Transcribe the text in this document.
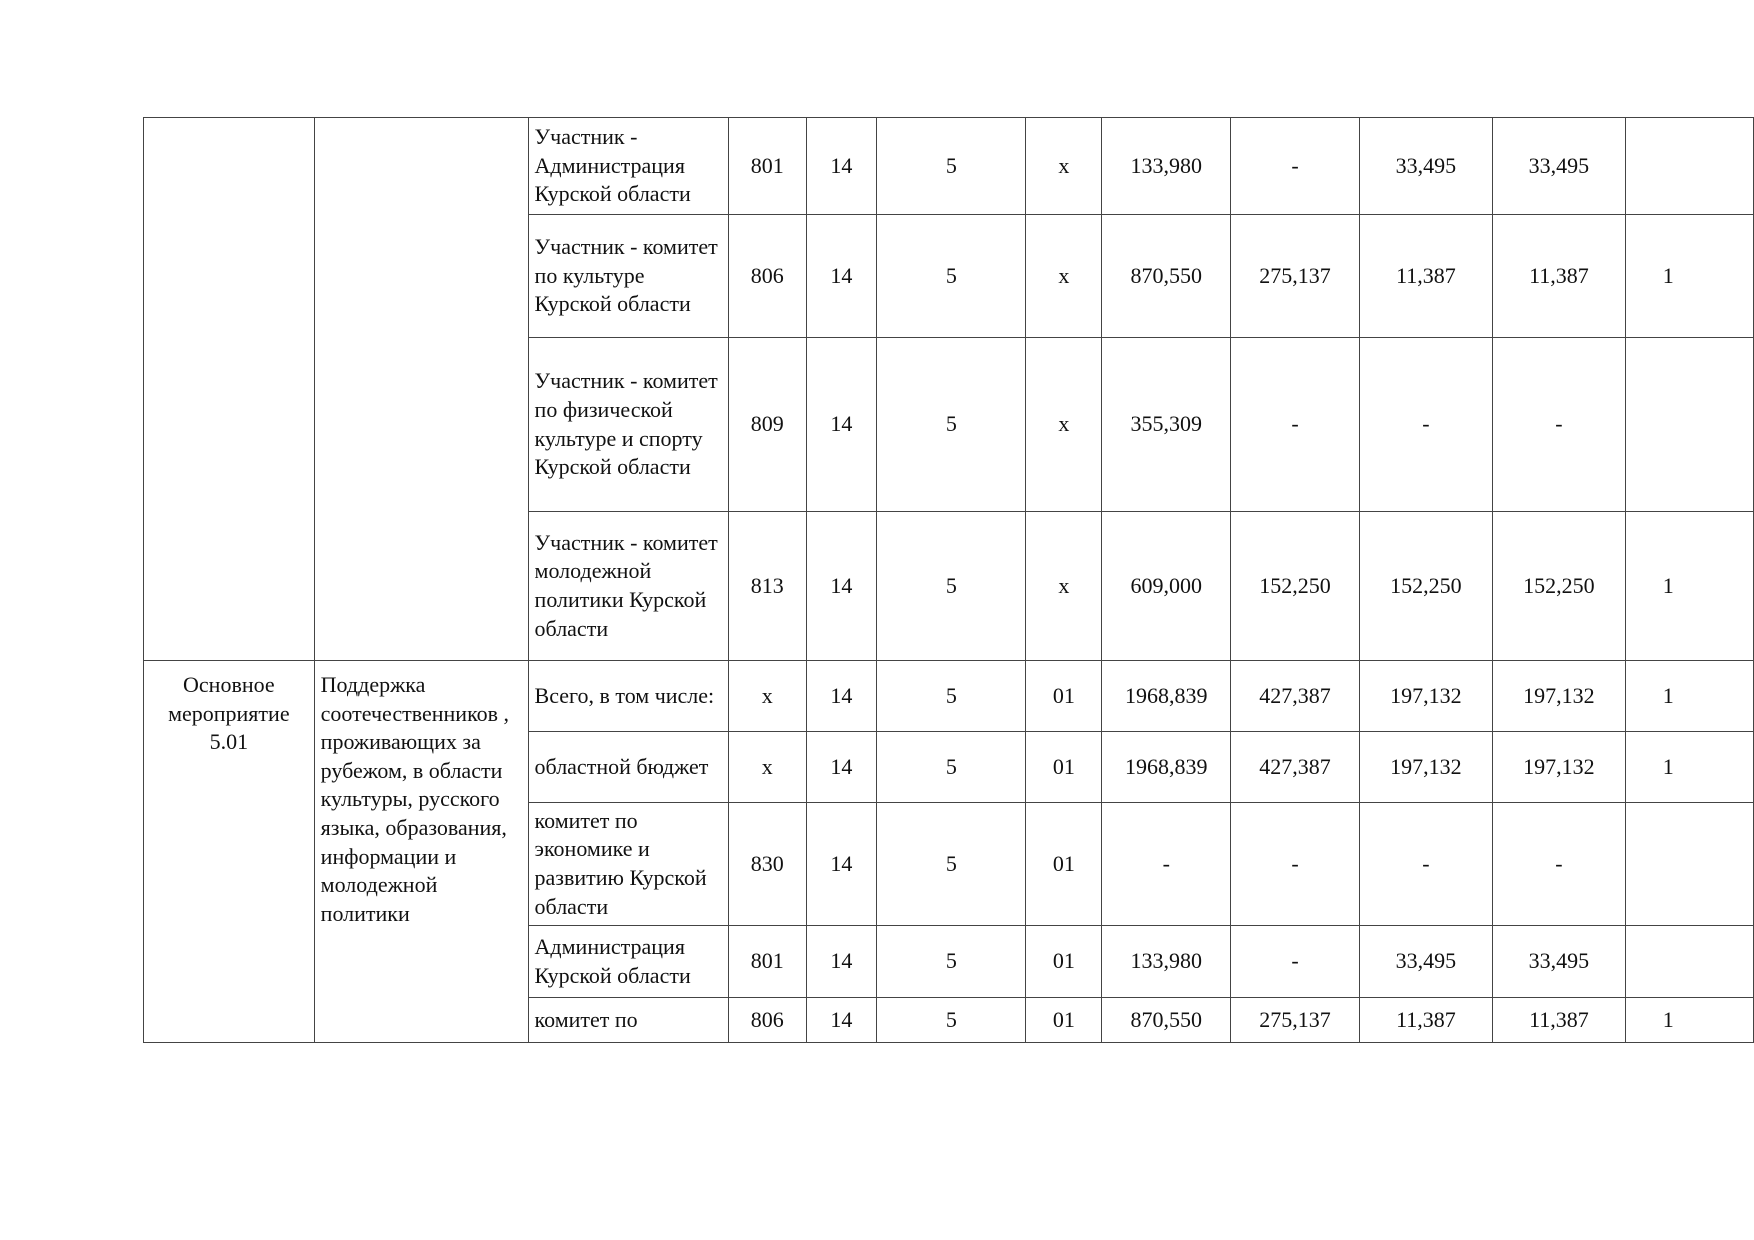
		Участник - Администрация Курской области	801	14	5	x	133,980	-	33,495	33,495	
		Участник - комитет по культуре Курской области	806	14	5	x	870,550	275,137	11,387	11,387	1
		Участник - комитет по физической культуре и спорту Курской области	809	14	5	x	355,309	-	-	-	
		Участник - комитет молодежной политики Курской области	813	14	5	x	609,000	152,250	152,250	152,250	1
Основное мероприятие 5.01	Поддержка соотечественников , проживающих за рубежом, в области культуры, русского языка, образования, информации и молодежной политики	Всего, в том числе:	x	14	5	01	1968,839	427,387	197,132	197,132	1
		областной бюджет	x	14	5	01	1968,839	427,387	197,132	197,132	1
		комитет по экономике и развитию Курской области	830	14	5	01	-	-	-	-	
		Администрация Курской области	801	14	5	01	133,980	-	33,495	33,495	
		комитет по	806	14	5	01	870,550	275,137	11,387	11,387	1
